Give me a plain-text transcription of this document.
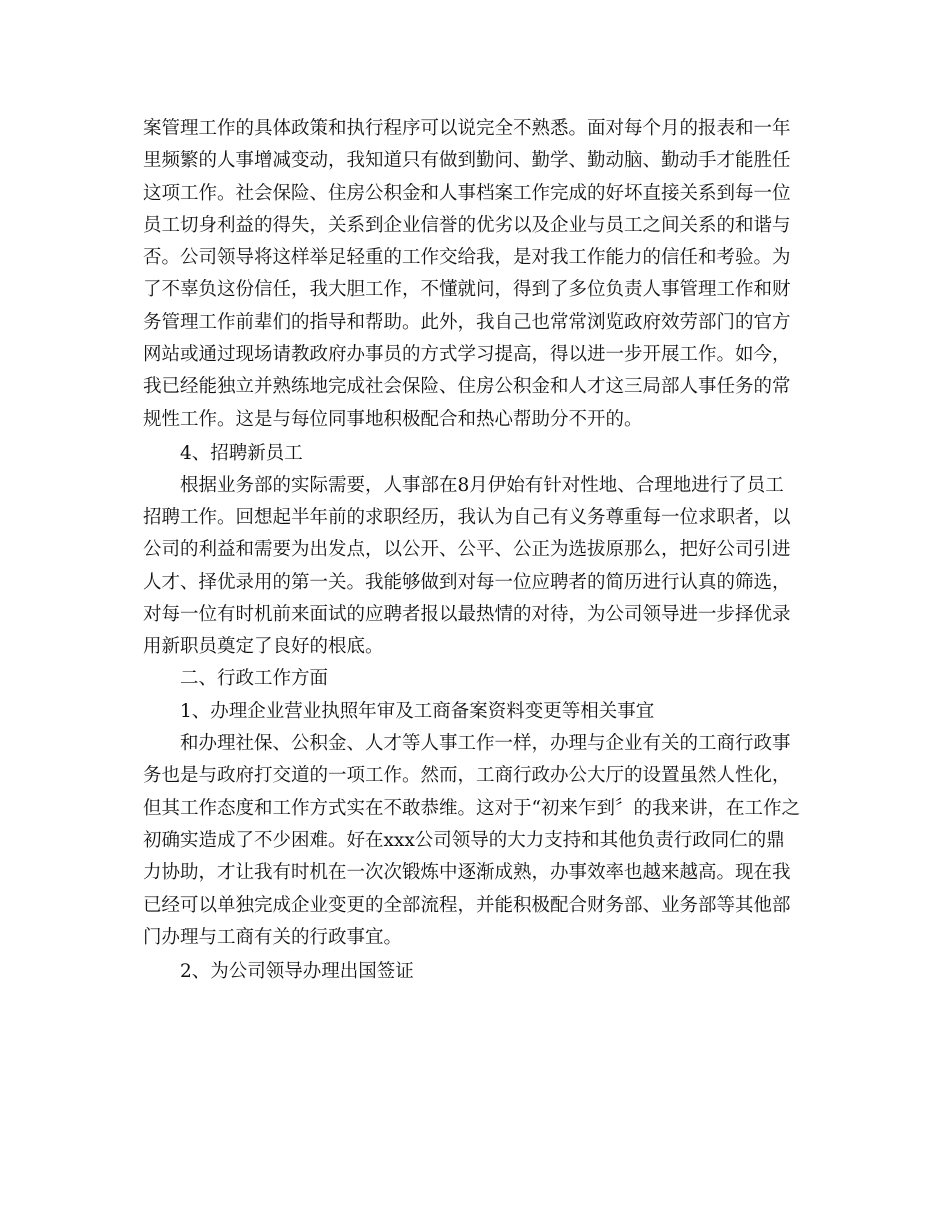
案管理工作的具体政策和执行程序可以说完全不熟悉。面对每个月的报表和一年
里频繁的人事增减变动，我知道只有做到勤问、勤学、勤动脑、勤动手才能胜任
这项工作。社会保险、住房公积金和人事档案工作完成的好坏直接关系到每一位
员工切身利益的得失，关系到企业信誉的优劣以及企业与员工之间关系的和谐与
否。公司领导将这样举足轻重的工作交给我，是对我工作能力的信任和考验。为
了不辜负这份信任，我大胆工作，不懂就问，得到了多位负责人事管理工作和财
务管理工作前辈们的指导和帮助。此外，我自己也常常浏览政府效劳部门的官方
网站或通过现场请教政府办事员的方式学习提高，得以进一步开展工作。如今，
我已经能独立并熟练地完成社会保险、住房公积金和人才这三局部人事任务的常
规性工作。这是与每位同事地积极配合和热心帮助分不开的。
4、招聘新员工
根据业务部的实际需要，人事部在8月伊始有针对性地、合理地进行了员工
招聘工作。回想起半年前的求职经历，我认为自己有义务尊重每一位求职者，以
公司的利益和需要为出发点，以公开、公平、公正为选拔原那么，把好公司引进
人才、择优录用的第一关。我能够做到对每一位应聘者的简历进行认真的筛选，
对每一位有时机前来面试的应聘者报以最热情的对待，为公司领导进一步择优录
用新职员奠定了良好的根底。
二、行政工作方面
1、办理企业营业执照年审及工商备案资料变更等相关事宜
和办理社保、公积金、人才等人事工作一样，办理与企业有关的工商行政事
务也是与政府打交道的一项工作。然而，工商行政办公大厅的设置虽然人性化，
但其工作态度和工作方式实在不敢恭维。这对于“初来乍到〞的我来讲，在工作之
初确实造成了不少困难。好在xxx公司领导的大力支持和其他负责行政同仁的鼎
力协助，才让我有时机在一次次锻炼中逐渐成熟，办事效率也越来越高。现在我
已经可以单独完成企业变更的全部流程，并能积极配合财务部、业务部等其他部
门办理与工商有关的行政事宜。
2、为公司领导办理出国签证
